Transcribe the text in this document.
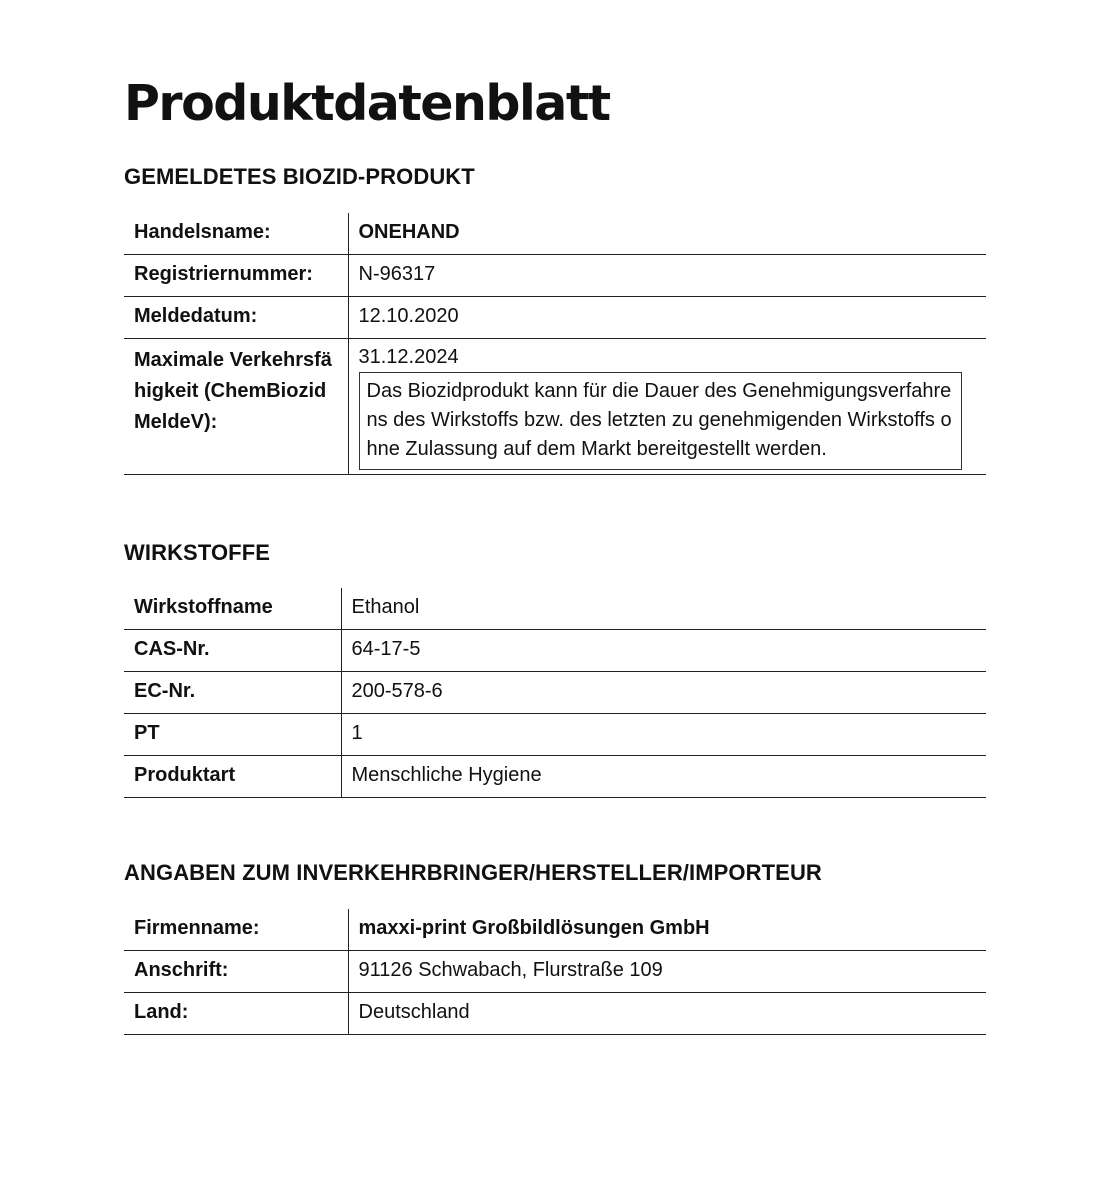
Produktdatenblatt
GEMELDETES BIOZID-PRODUKT
Handelsname:	ONEHAND
Registriernummer:	N-96317
Meldedatum:	12.10.2020

Maximale Verkehrsfähigkeit (ChemBiozidMeldeV):	31.12.2024
Das Biozidprodukt kann für die Dauer des Genehmigungsverfahrens des Wirkstoffs bzw. des letzten zu genehmigenden Wirkstoffs ohne Zulassung auf dem Markt bereitgestellt werden.
WIRKSTOFFE
Wirkstoffname	Ethanol
CAS-Nr.	64-17-5
EC-Nr.	200-578-6
PT	1
Produktart	Menschliche Hygiene
ANGABEN ZUM INVERKEHRBRINGER/HERSTELLER/IMPORTEUR
Firmenname:	maxxi-print Großbildlösungen GmbH
Anschrift:	91126 Schwabach, Flurstraße 109
Land:	Deutschland
